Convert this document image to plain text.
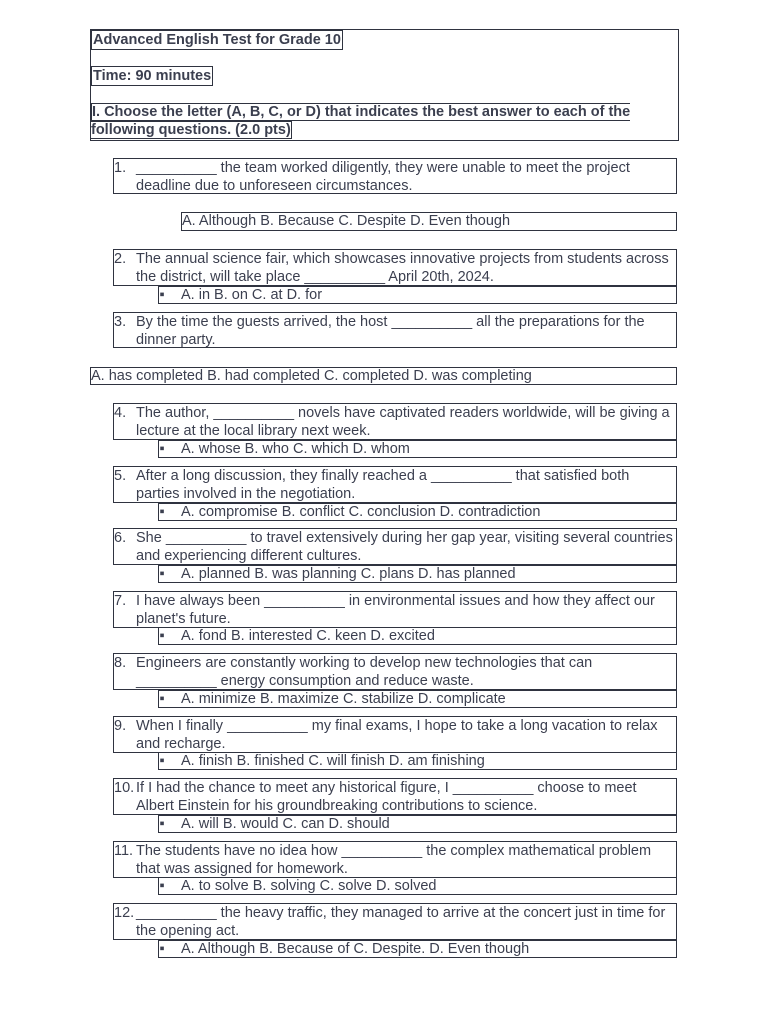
Advanced English Test for Grade 10
Time: 90 minutes
I. Choose the letter (A, B, C, or D) that indicates the best answer to each of the following questions. (2.0 pts)
1. __________ the team worked diligently, they were unable to meet the project deadline due to unforeseen circumstances.
A. Although B. Because C. Despite D. Even though
2. The annual science fair, which showcases innovative projects from students across the district, will take place __________ April 20th, 2024.
▪ A. in B. on C. at D. for
3. By the time the guests arrived, the host __________ all the preparations for the dinner party.
A. has completed B. had completed C. completed D. was completing
4. The author, __________ novels have captivated readers worldwide, will be giving a lecture at the local library next week.
▪ A. whose B. who C. which D. whom
5. After a long discussion, they finally reached a __________ that satisfied both parties involved in the negotiation.
▪ A. compromise B. conflict C. conclusion D. contradiction
6. She __________ to travel extensively during her gap year, visiting several countries and experiencing different cultures.
▪ A. planned B. was planning C. plans D. has planned
7. I have always been __________ in environmental issues and how they affect our planet's future.
▪ A. fond B. interested C. keen D. excited
8. Engineers are constantly working to develop new technologies that can __________ energy consumption and reduce waste.
▪ A. minimize B. maximize C. stabilize D. complicate
9. When I finally __________ my final exams, I hope to take a long vacation to relax and recharge.
▪ A. finish B. finished C. will finish D. am finishing
10. If I had the chance to meet any historical figure, I __________ choose to meet Albert Einstein for his groundbreaking contributions to science.
▪ A. will B. would C. can D. should
11. The students have no idea how __________ the complex mathematical problem that was assigned for homework.
▪ A. to solve B. solving C. solve D. solved
12. __________ the heavy traffic, they managed to arrive at the concert just in time for the opening act.
▪ A. Although B. Because of C. Despite. D. Even though
